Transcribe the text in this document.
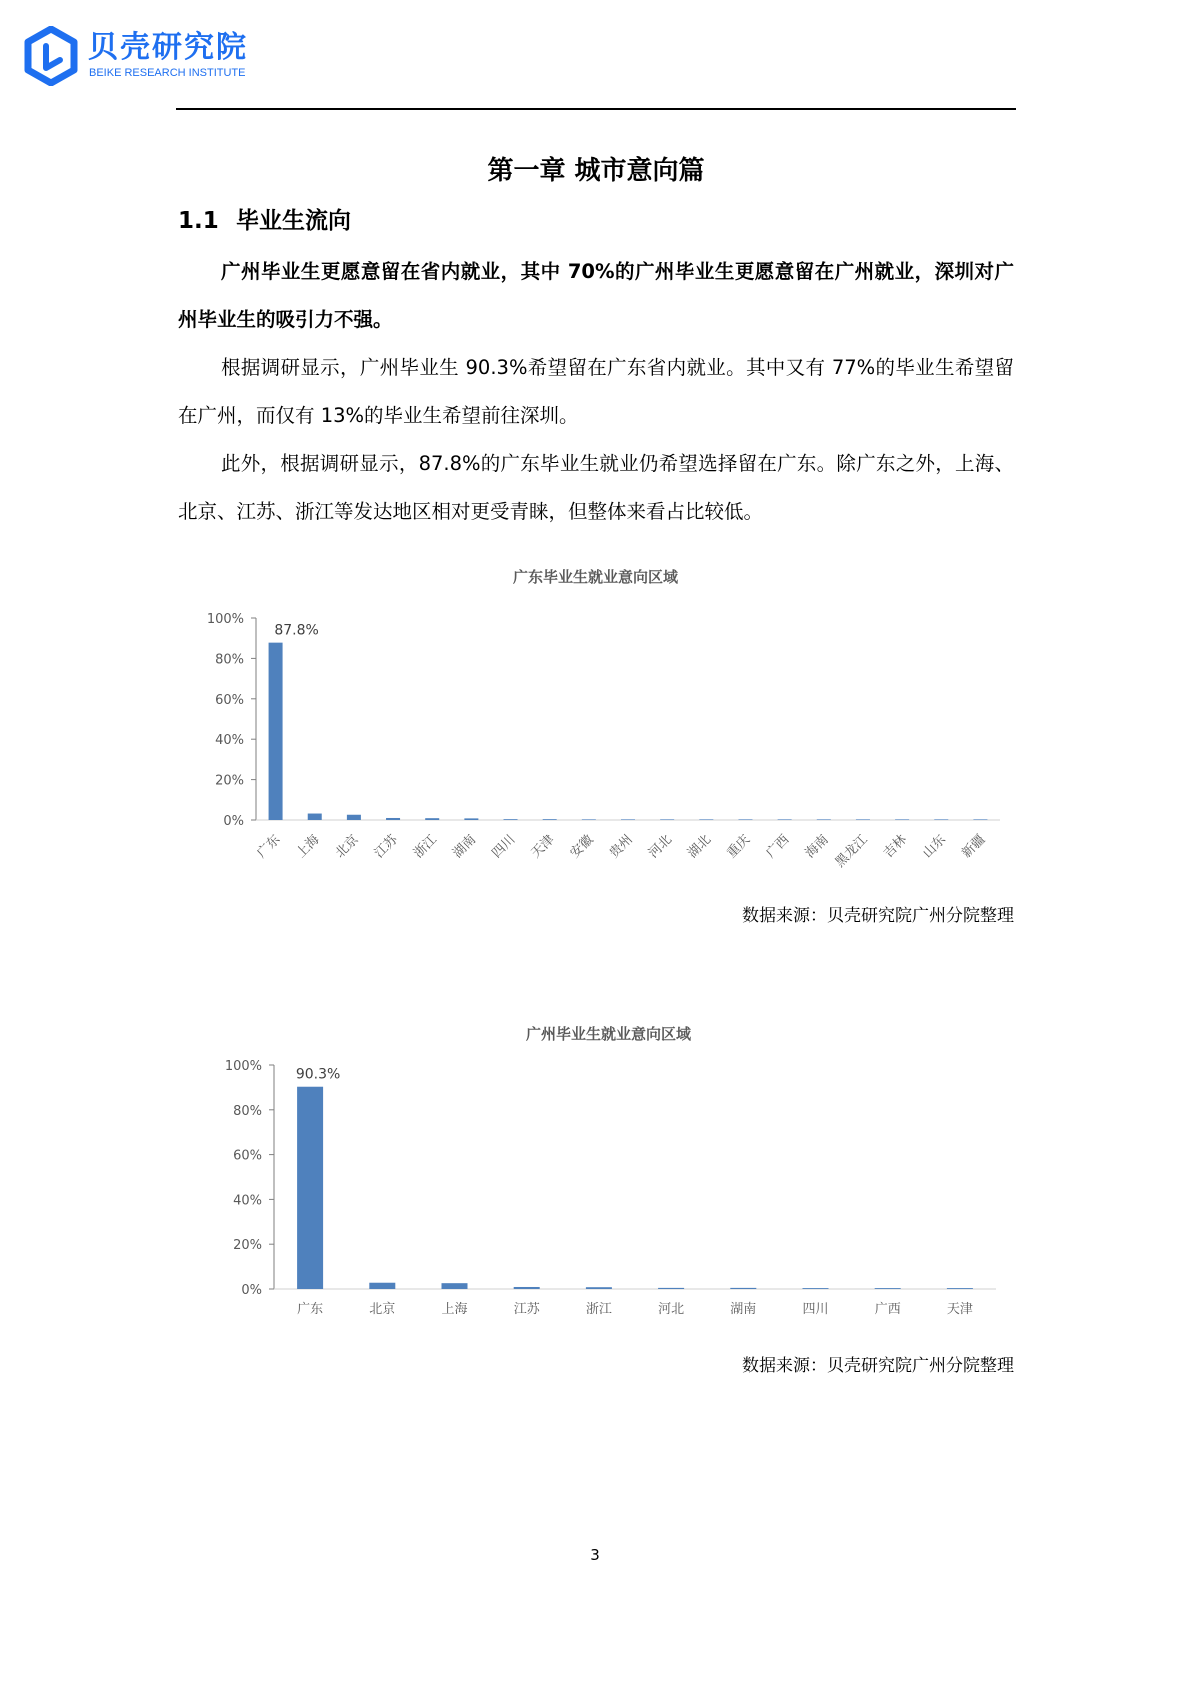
贝壳研究院
BEIKE RESEARCH INSTITUTE
第一章 城市意向篇
1.1 毕业生流向

广州毕业生更愿意留在省内就业，其中 70%的广州毕业生更愿意留在广州就业，深圳对广州毕业生的吸引力不强。

根据调研显示，广州毕业生 90.3%希望留在广东省内就业。其中又有 77%的毕业生希望留在广州，而仅有 13%的毕业生希望前往深圳。

此外，根据调研显示，87.8%的广东毕业生就业仍希望选择留在广东。除广东之外，上海、北京、江苏、浙江等发达地区相对更受青睐，但整体来看占比较低。

广东毕业生就业意向区域
0%
20%
40%
60%
80%
100%
广东
87.8%
上海 北京 江苏 浙江 湖南 四川 天津 安徽 贵州 河北 湖北 重庆 广西 海南 黑龙江 吉林 山东 新疆
数据来源：贝壳研究院广州分院整理
广州毕业生就业意向区域
0%
20%
40%
60%
80%
100%
广东
90.3%
北京	上海	江苏	浙江	河北	湖南	四川	广西	天津
数据来源：贝壳研究院广州分院整理
3
